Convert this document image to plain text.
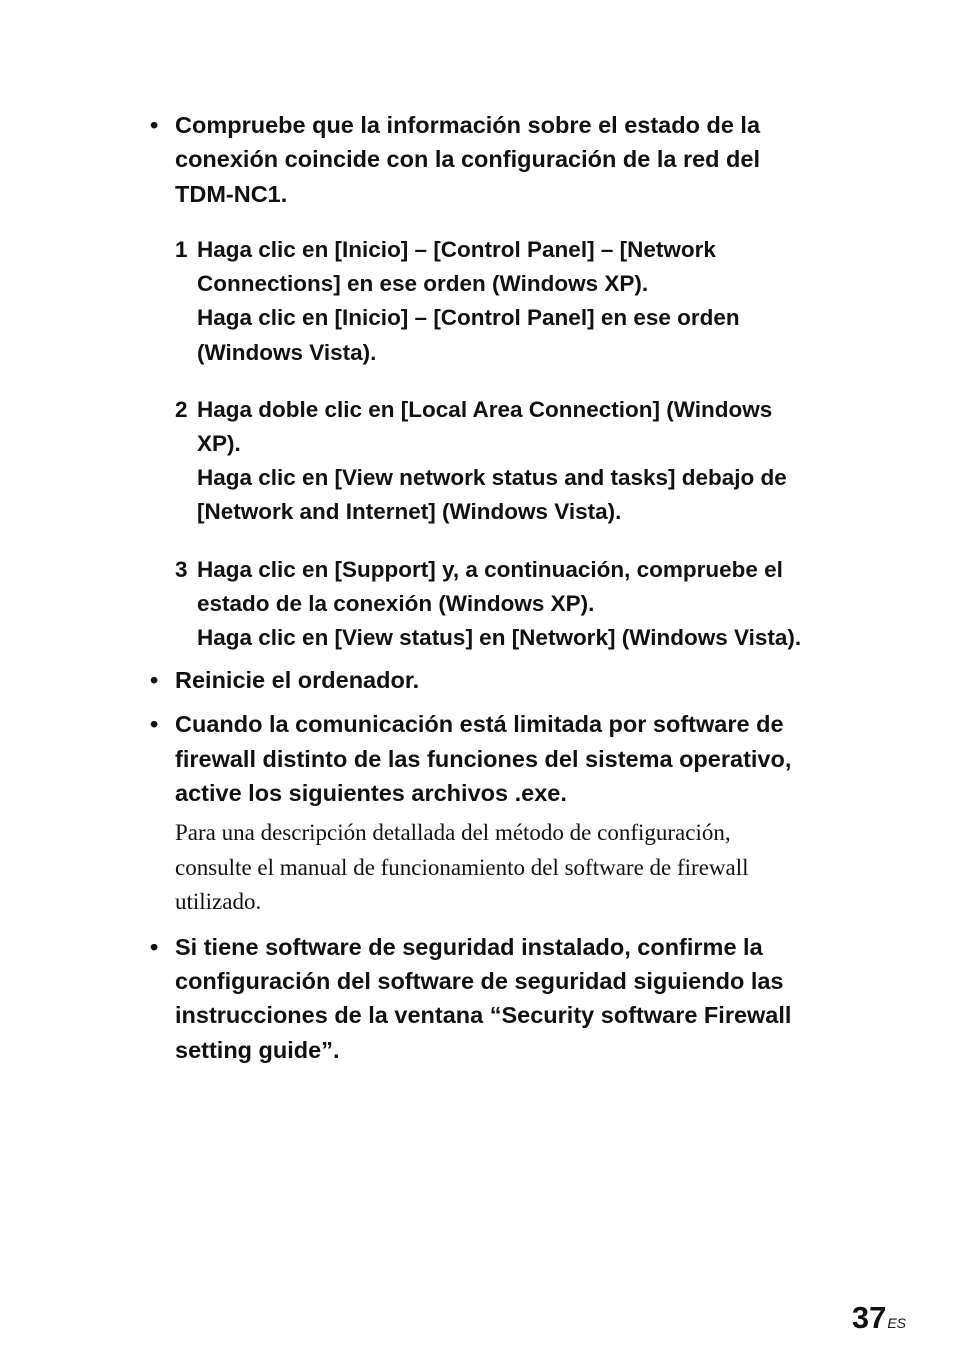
• Compruebe que la información sobre el estado de la
conexión coincide con la configuración de la red del
TDM-NC1.
1 Haga clic en [Inicio] – [Control Panel] – [Network
Connections] en ese orden (Windows XP).
Haga clic en [Inicio] – [Control Panel] en ese orden
(Windows Vista).
2 Haga doble clic en [Local Area Connection] (Windows
XP).
Haga clic en [View network status and tasks] debajo de
[Network and Internet] (Windows Vista).
3 Haga clic en [Support] y, a continuación, compruebe el
estado de la conexión (Windows XP).
Haga clic en [View status] en [Network] (Windows Vista).
• Reinicie el ordenador.
• Cuando la comunicación está limitada por software de
firewall distinto de las funciones del sistema operativo,
active los siguientes archivos .exe.
Para una descripción detallada del método de configuración,
consulte el manual de funcionamiento del software de firewall
utilizado.
• Si tiene software de seguridad instalado, confirme la
configuración del software de seguridad siguiendo las
instrucciones de la ventana “Security software Firewall
setting guide”.
37ES
